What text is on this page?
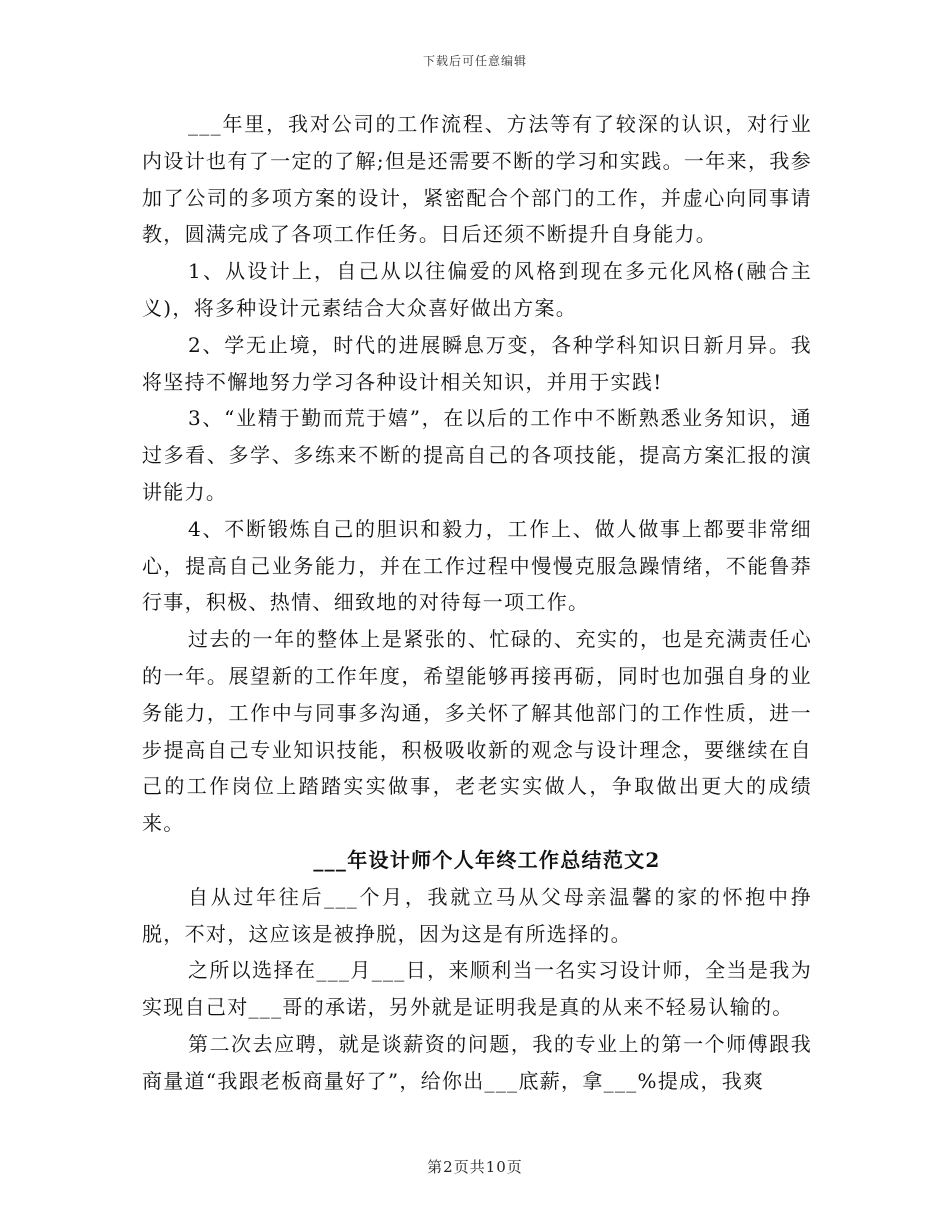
下载后可任意编辑

___年里，我对公司的工作流程、方法等有了较深的认识，对行业内设计也有了一定的了解;但是还需要不断的学习和实践。一年来，我参加了公司的多项方案的设计，紧密配合个部门的工作，并虚心向同事请教，圆满完成了各项工作任务。日后还须不断提升自身能力。

1、从设计上，自己从以往偏爱的风格到现在多元化风格(融合主义)，将多种设计元素结合大众喜好做出方案。

2、学无止境，时代的进展瞬息万变，各种学科知识日新月异。我将坚持不懈地努力学习各种设计相关知识，并用于实践!

3、“业精于勤而荒于嬉”，在以后的工作中不断熟悉业务知识，通过多看、多学、多练来不断的提高自己的各项技能，提高方案汇报的演讲能力。

4、不断锻炼自己的胆识和毅力，工作上、做人做事上都要非常细心，提高自己业务能力，并在工作过程中慢慢克服急躁情绪，不能鲁莽行事，积极、热情、细致地的对待每一项工作。

过去的一年的整体上是紧张的、忙碌的、充实的，也是充满责任心的一年。展望新的工作年度，希望能够再接再砺，同时也加强自身的业务能力，工作中与同事多沟通，多关怀了解其他部门的工作性质，进一步提高自己专业知识技能，积极吸收新的观念与设计理念，要继续在自己的工作岗位上踏踏实实做事，老老实实做人，争取做出更大的成绩来。

___年设计师个人年终工作总结范文2

自从过年往后___个月，我就立马从父母亲温馨的家的怀抱中挣脱，不对，这应该是被挣脱，因为这是有所选择的。

之所以选择在___月___日，来顺利当一名实习设计师，全当是我为实现自己对___哥的承诺，另外就是证明我是真的从来不轻易认输的。

第二次去应聘，就是谈薪资的问题，我的专业上的第一个师傅跟我商量道“我跟老板商量好了”，给你出___底薪，拿___%提成，我爽

第2页共10页
